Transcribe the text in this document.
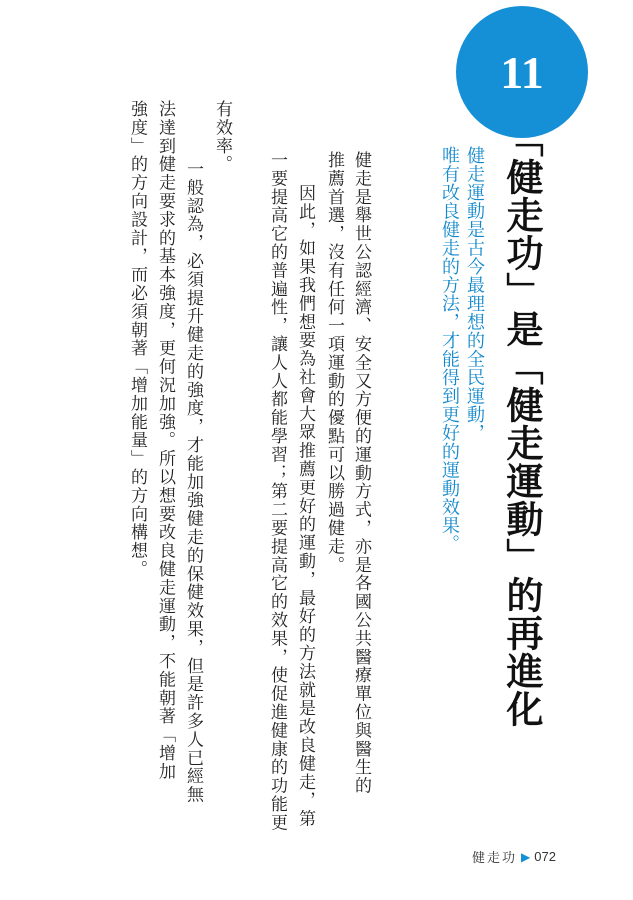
11
「健走功」是「健走運動」的再進化
健走運動是古今最理想的全民運動，
唯有改良健走的方法，才能得到更好的運動效果。
健走是舉世公認經濟、安全又方便的運動方式，亦是各國公共醫療單位與醫生的
推薦首選，沒有任何一項運動的優點可以勝過健走。
因此，如果我們想要為社會大眾推薦更好的運動，最好的方法就是改良健走，第
一要提高它的普遍性，讓人人都能學習；第二要提高它的效果，使促進健康的功能更
有效率。
一般認為，必須提升健走的強度，才能加強健走的保健效果，但是許多人已經無
法達到健走要求的基本強度，更何況加強。所以想要改良健走運動，不能朝著「增加
強度」的方向設計，而必須朝著「增加能量」的方向構想。
健走功 ▶ 072
